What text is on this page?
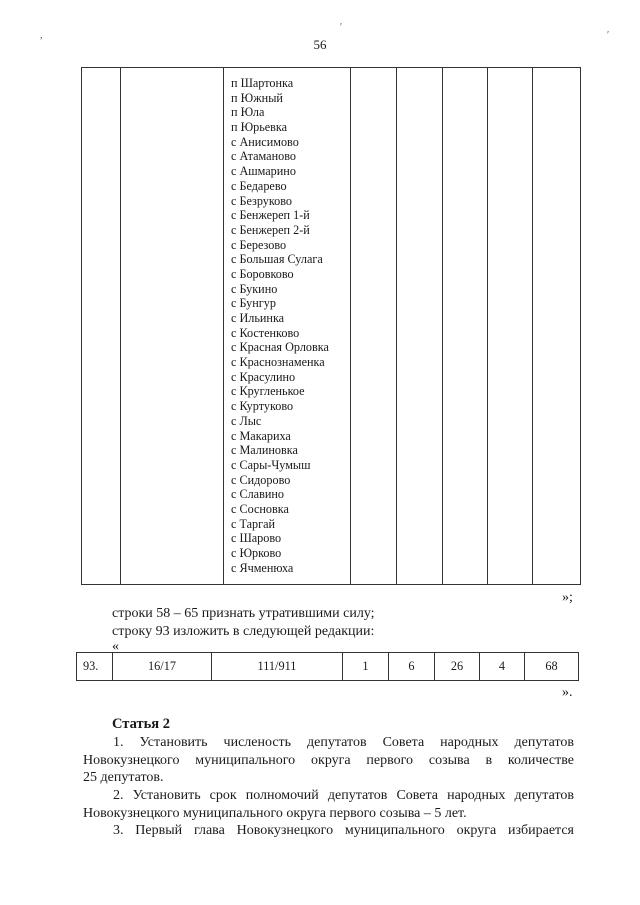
,
′
′
56

п Шартонка
п Южный
п Юла
п Юрьевка
с Анисимово
с Атаманово
с Ашмарино
с Бедарево
с Безруково
с Бенжереп 1-й
с Бенжереп 2-й
с Березово
с Большая Сулага
с Боровково
с Букино
с Бунгур
с Ильинка
с Костенково
с Красная Орловка
с Краснознаменка
с Красулино
с Кругленькое
с Куртуково
с Лыс
с Макариха
с Малиновка
с Сары-Чумыш
с Сидорово
с Славино
с Сосновка
с Таргай
с Шарово
с Юрково
с Ячменюха

»;
строки 58 – 65 признать утратившими силу;
строку 93 изложить в следующей редакции:
«
93.	16/17	111/911	1	6	26	4	68
».
Статья 2
1. Установить численость депутатов Совета народных депутатов
Новокузнецкого муниципального округа первого созыва в количестве
25 депутатов.
2. Установить срок полномочий депутатов Совета народных депутатов
Новокузнецкого муниципального округа первого созыва – 5 лет.
3. Первый глава Новокузнецкого муниципального округа избирается
